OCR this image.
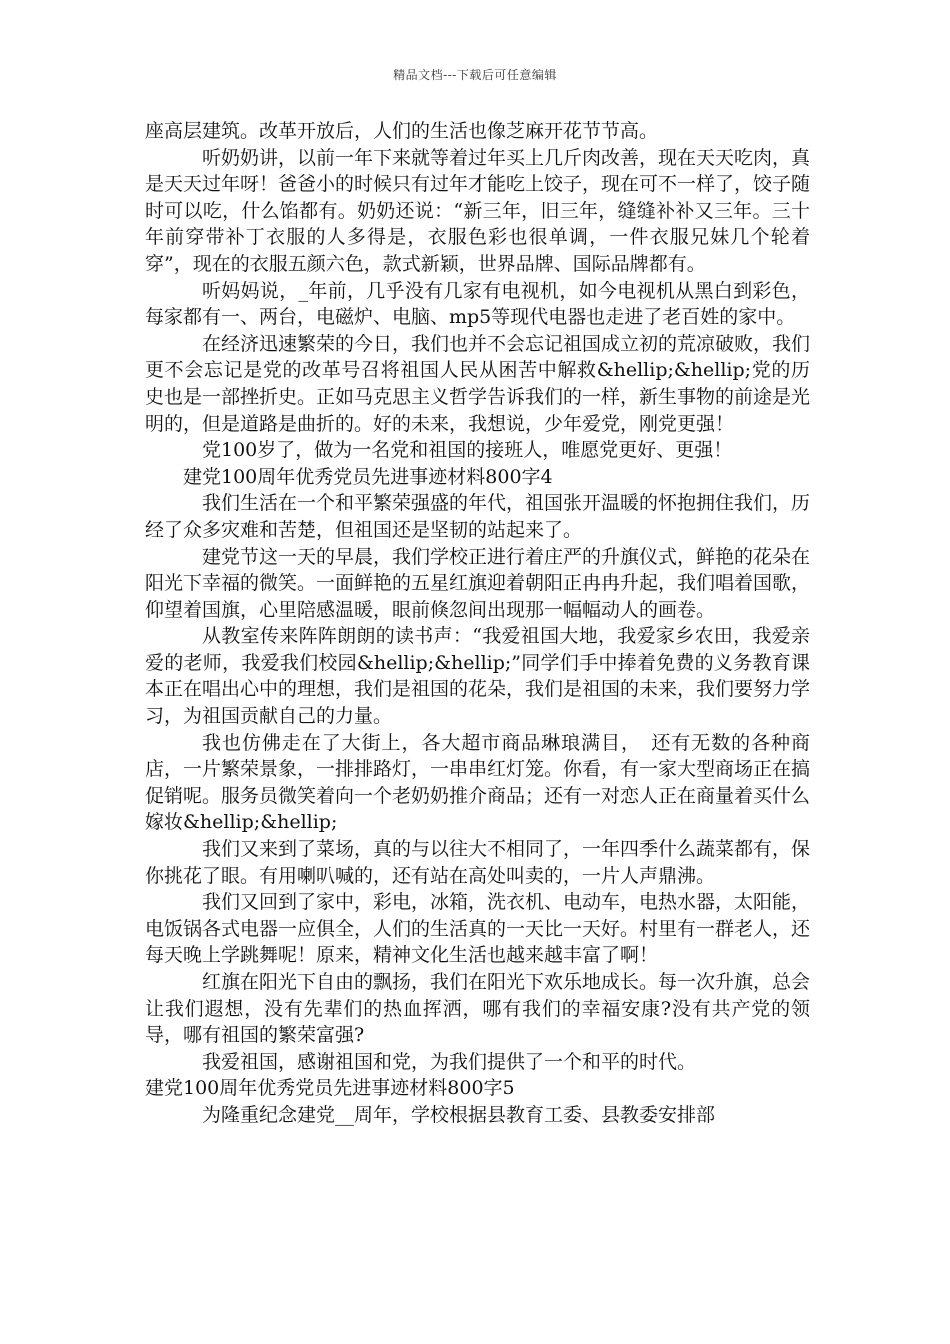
精品文档---下载后可任意编辑

座高层建筑。改革开放后，人们的生活也像芝麻开花节节高。

听奶奶讲，以前一年下来就等着过年买上几斤肉改善，现在天天吃肉，真是天天过年呀！爸爸小的时候只有过年才能吃上饺子，现在可不一样了，饺子随时可以吃，什么馅都有。奶奶还说：“新三年，旧三年，缝缝补补又三年。三十年前穿带补丁衣服的人多得是，衣服色彩也很单调，一件衣服兄妹几个轮着穿”，现在的衣服五颜六色，款式新颖，世界品牌、国际品牌都有。

听妈妈说，_年前，几乎没有几家有电视机，如今电视机从黑白到彩色，每家都有一、两台，电磁炉、电脑、mp5等现代电器也走进了老百姓的家中。

在经济迅速繁荣的今日，我们也并不会忘记祖国成立初的荒凉破败，我们更不会忘记是党的改革号召将祖国人民从困苦中解救&hellip;&hellip;党的历史也是一部挫折史。正如马克思主义哲学告诉我们的一样，新生事物的前途是光明的，但是道路是曲折的。好的未来，我想说，少年爱党，刚党更强！

党100岁了，做为一名党和祖国的接班人，唯愿党更好、更强！

建党100周年优秀党员先进事迹材料800字4

我们生活在一个和平繁荣强盛的年代，祖国张开温暖的怀抱拥住我们，历经了众多灾难和苦楚，但祖国还是坚韧的站起来了。

建党节这一天的早晨，我们学校正进行着庄严的升旗仪式，鲜艳的花朵在阳光下幸福的微笑。一面鲜艳的五星红旗迎着朝阳正冉冉升起，我们唱着国歌，仰望着国旗，心里陪感温暖，眼前倏忽间出现那一幅幅动人的画卷。

从教室传来阵阵朗朗的读书声：“我爱祖国大地，我爱家乡农田，我爱亲爱的老师，我爱我们校园&hellip;&hellip;”同学们手中捧着免费的义务教育课本正在唱出心中的理想，我们是祖国的花朵，我们是祖国的未来，我们要努力学习，为祖国贡献自己的力量。

我也仿佛走在了大街上，各大超市商品琳琅满目，　还有无数的各种商店，一片繁荣景象，一排排路灯，一串串红灯笼。你看，有一家大型商场正在搞促销呢。服务员微笑着向一个老奶奶推介商品；还有一对恋人正在商量着买什么嫁妆&hellip;&hellip;

我们又来到了菜场，真的与以往大不相同了，一年四季什么蔬菜都有，保你挑花了眼。有用喇叭喊的，还有站在高处叫卖的，一片人声鼎沸。

我们又回到了家中，彩电，冰箱，洗衣机、电动车，电热水器，太阳能，电饭锅各式电器一应俱全，人们的生活真的一天比一天好。村里有一群老人，还每天晚上学跳舞呢！原来，精神文化生活也越来越丰富了啊！

红旗在阳光下自由的飘扬，我们在阳光下欢乐地成长。每一次升旗，总会让我们遐想，没有先辈们的热血挥洒，哪有我们的幸福安康?没有共产党的领导，哪有祖国的繁荣富强?

我爱祖国，感谢祖国和党，为我们提供了一个和平的时代。

建党100周年优秀党员先进事迹材料800字5

为隆重纪念建党__周年，学校根据县教育工委、县教委安排部
